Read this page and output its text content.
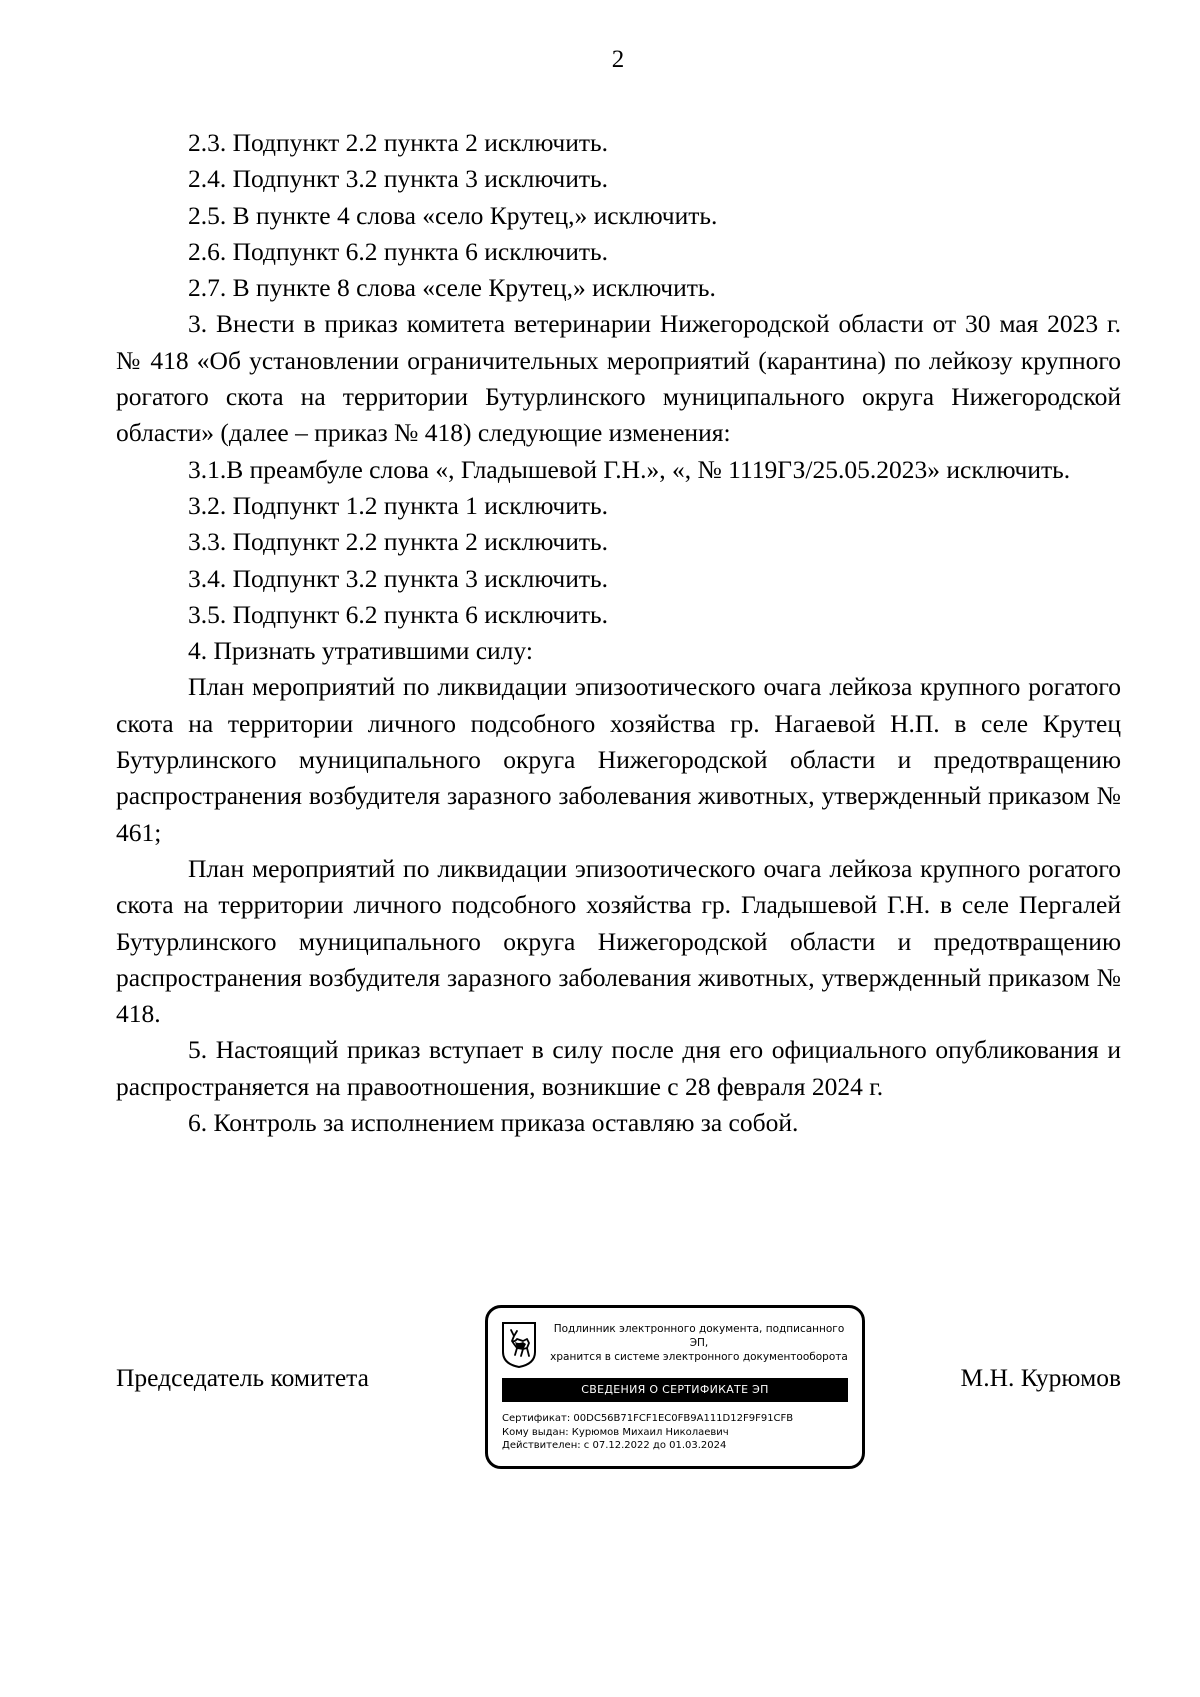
2

2.3. Подпункт 2.2 пункта 2 исключить.

2.4. Подпункт 3.2 пункта 3 исключить.

2.5. В пункте 4 слова «село Крутец,» исключить.

2.6. Подпункт 6.2 пункта 6 исключить.

2.7. В пункте 8 слова «селе Крутец,» исключить.

3. Внести в приказ комитета ветеринарии Нижегородской области от 30 мая 2023 г. № 418 «Об установлении ограничительных мероприятий (карантина) по лейкозу крупного рогатого скота на территории Бутурлинского муниципального округа Нижегородской области» (далее – приказ № 418) следующие изменения:

3.1.В преамбуле слова «, Гладышевой Г.Н.», «, № 1119ГЗ/25.05.2023» исключить.

3.2. Подпункт 1.2 пункта 1 исключить.

3.3. Подпункт 2.2 пункта 2 исключить.

3.4. Подпункт 3.2 пункта 3 исключить.

3.5. Подпункт 6.2 пункта 6 исключить.

4. Признать утратившими силу:

План мероприятий по ликвидации эпизоотического очага лейкоза крупного рогатого скота на территории личного подсобного хозяйства гр. Нагаевой Н.П. в селе Крутец Бутурлинского муниципального округа Нижегородской области и предотвращению распространения возбудителя заразного заболевания животных, утвержденный приказом № 461;

План мероприятий по ликвидации эпизоотического очага лейкоза крупного рогатого скота на территории личного подсобного хозяйства гр. Гладышевой Г.Н. в селе Пергалей Бутурлинского муниципального округа Нижегородской области и предотвращению распространения возбудителя заразного заболевания животных, утвержденный приказом № 418.

5. Настоящий приказ вступает в силу после дня его официального опубликования и распространяется на правоотношения, возникшие с 28 февраля 2024 г.

6. Контроль за исполнением приказа оставляю за собой.

Председатель комитета	М.Н. Курюмов
Подлинник электронного документа, подписанного ЭП,
хранится в системе электронного документооборота
СВЕДЕНИЯ О СЕРТИФИКАТЕ ЭП
Сертификат: 00DC56B71FCF1EC0FB9A111D12F9F91CFB
Кому выдан: Курюмов Михаил Николаевич
Действителен: с 07.12.2022 до 01.03.2024
